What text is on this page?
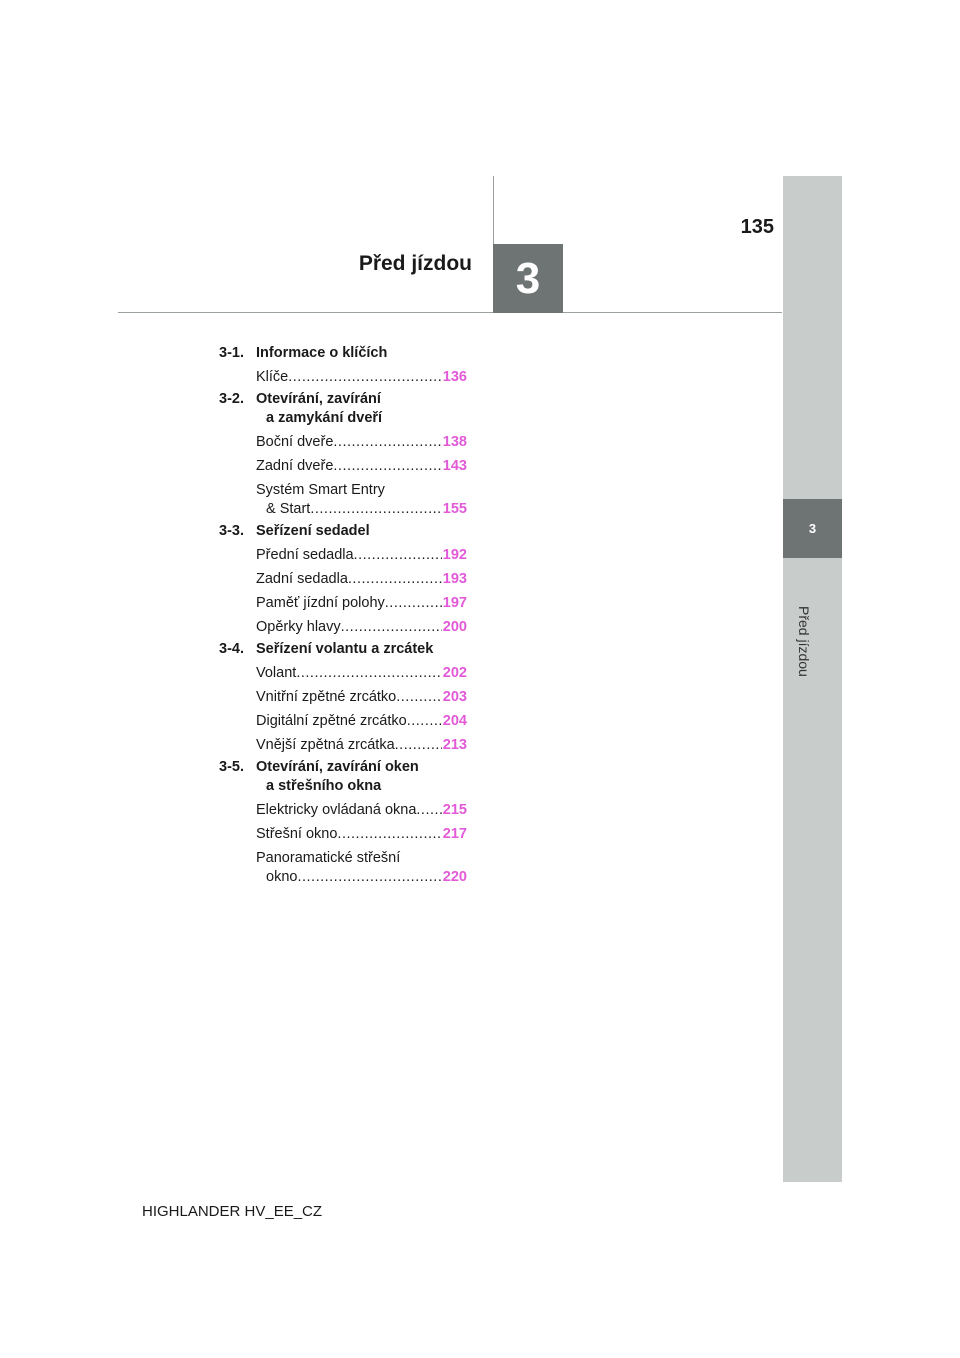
3
Před jízdou
3
Před jízdou
135
3-1. Informace o klíčích
Klíče .....	136
3-2. Otevírání, zavírání
a zamykání dveří
Boční dveře .....	138
Zadní dveře .....	143
Systém Smart Entry
& Start .....	155
3-3. Seřízení sedadel
Přední sedadla .....	192
Zadní sedadla .....	193
Paměť jízdní polohy .....	197
Opěrky hlavy .....	200
3-4. Seřízení volantu a zrcátek
Volant .....	202
Vnitřní zpětné zrcátko .....	203
Digitální zpětné zrcátko ..... 204
Vnější zpětná zrcátka .....	213
3-5. Otevírání, zavírání oken
a střešního okna
Elektricky ovládaná okna ..... 215
Střešní okno .....	217
Panoramatické střešní
okno .....	220
HIGHLANDER HV_EE_CZ
